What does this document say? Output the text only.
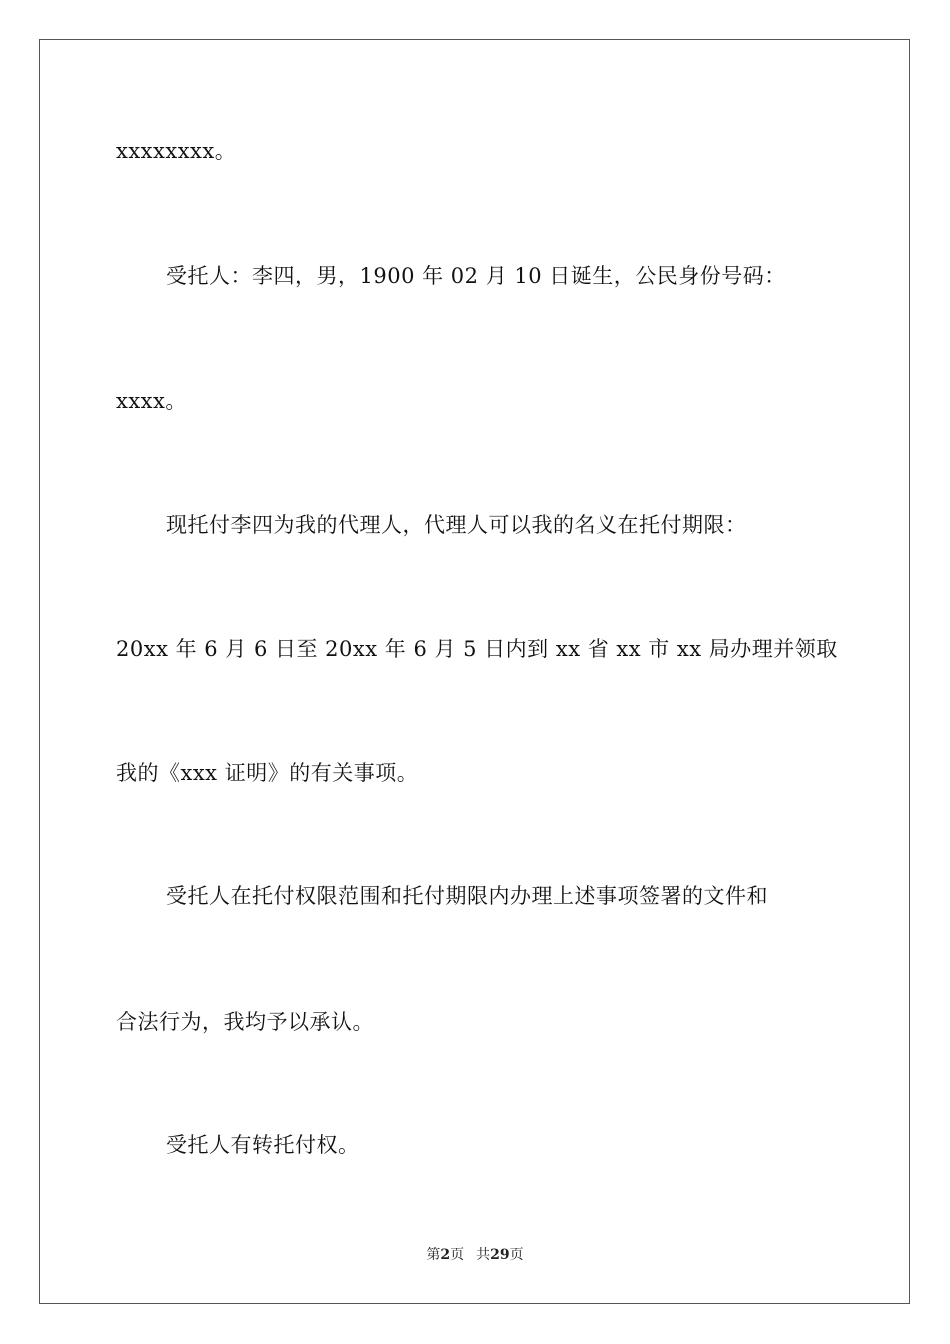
xxxxxxxx。
受托人：李四，男，1900 年 02 月 10 日诞生，公民身份号码：
xxxx。
现托付李四为我的代理人，代理人可以我的名义在托付期限：
20xx 年 6 月 6 日至 20xx 年 6 月 5 日内到 xx 省 xx 市 xx 局办理并领取
我的《xxx 证明》的有关事项。
受托人在托付权限范围和托付期限内办理上述事项签署的文件和
合法行为，我均予以承认。
受托人有转托付权。
第2页 共29页
